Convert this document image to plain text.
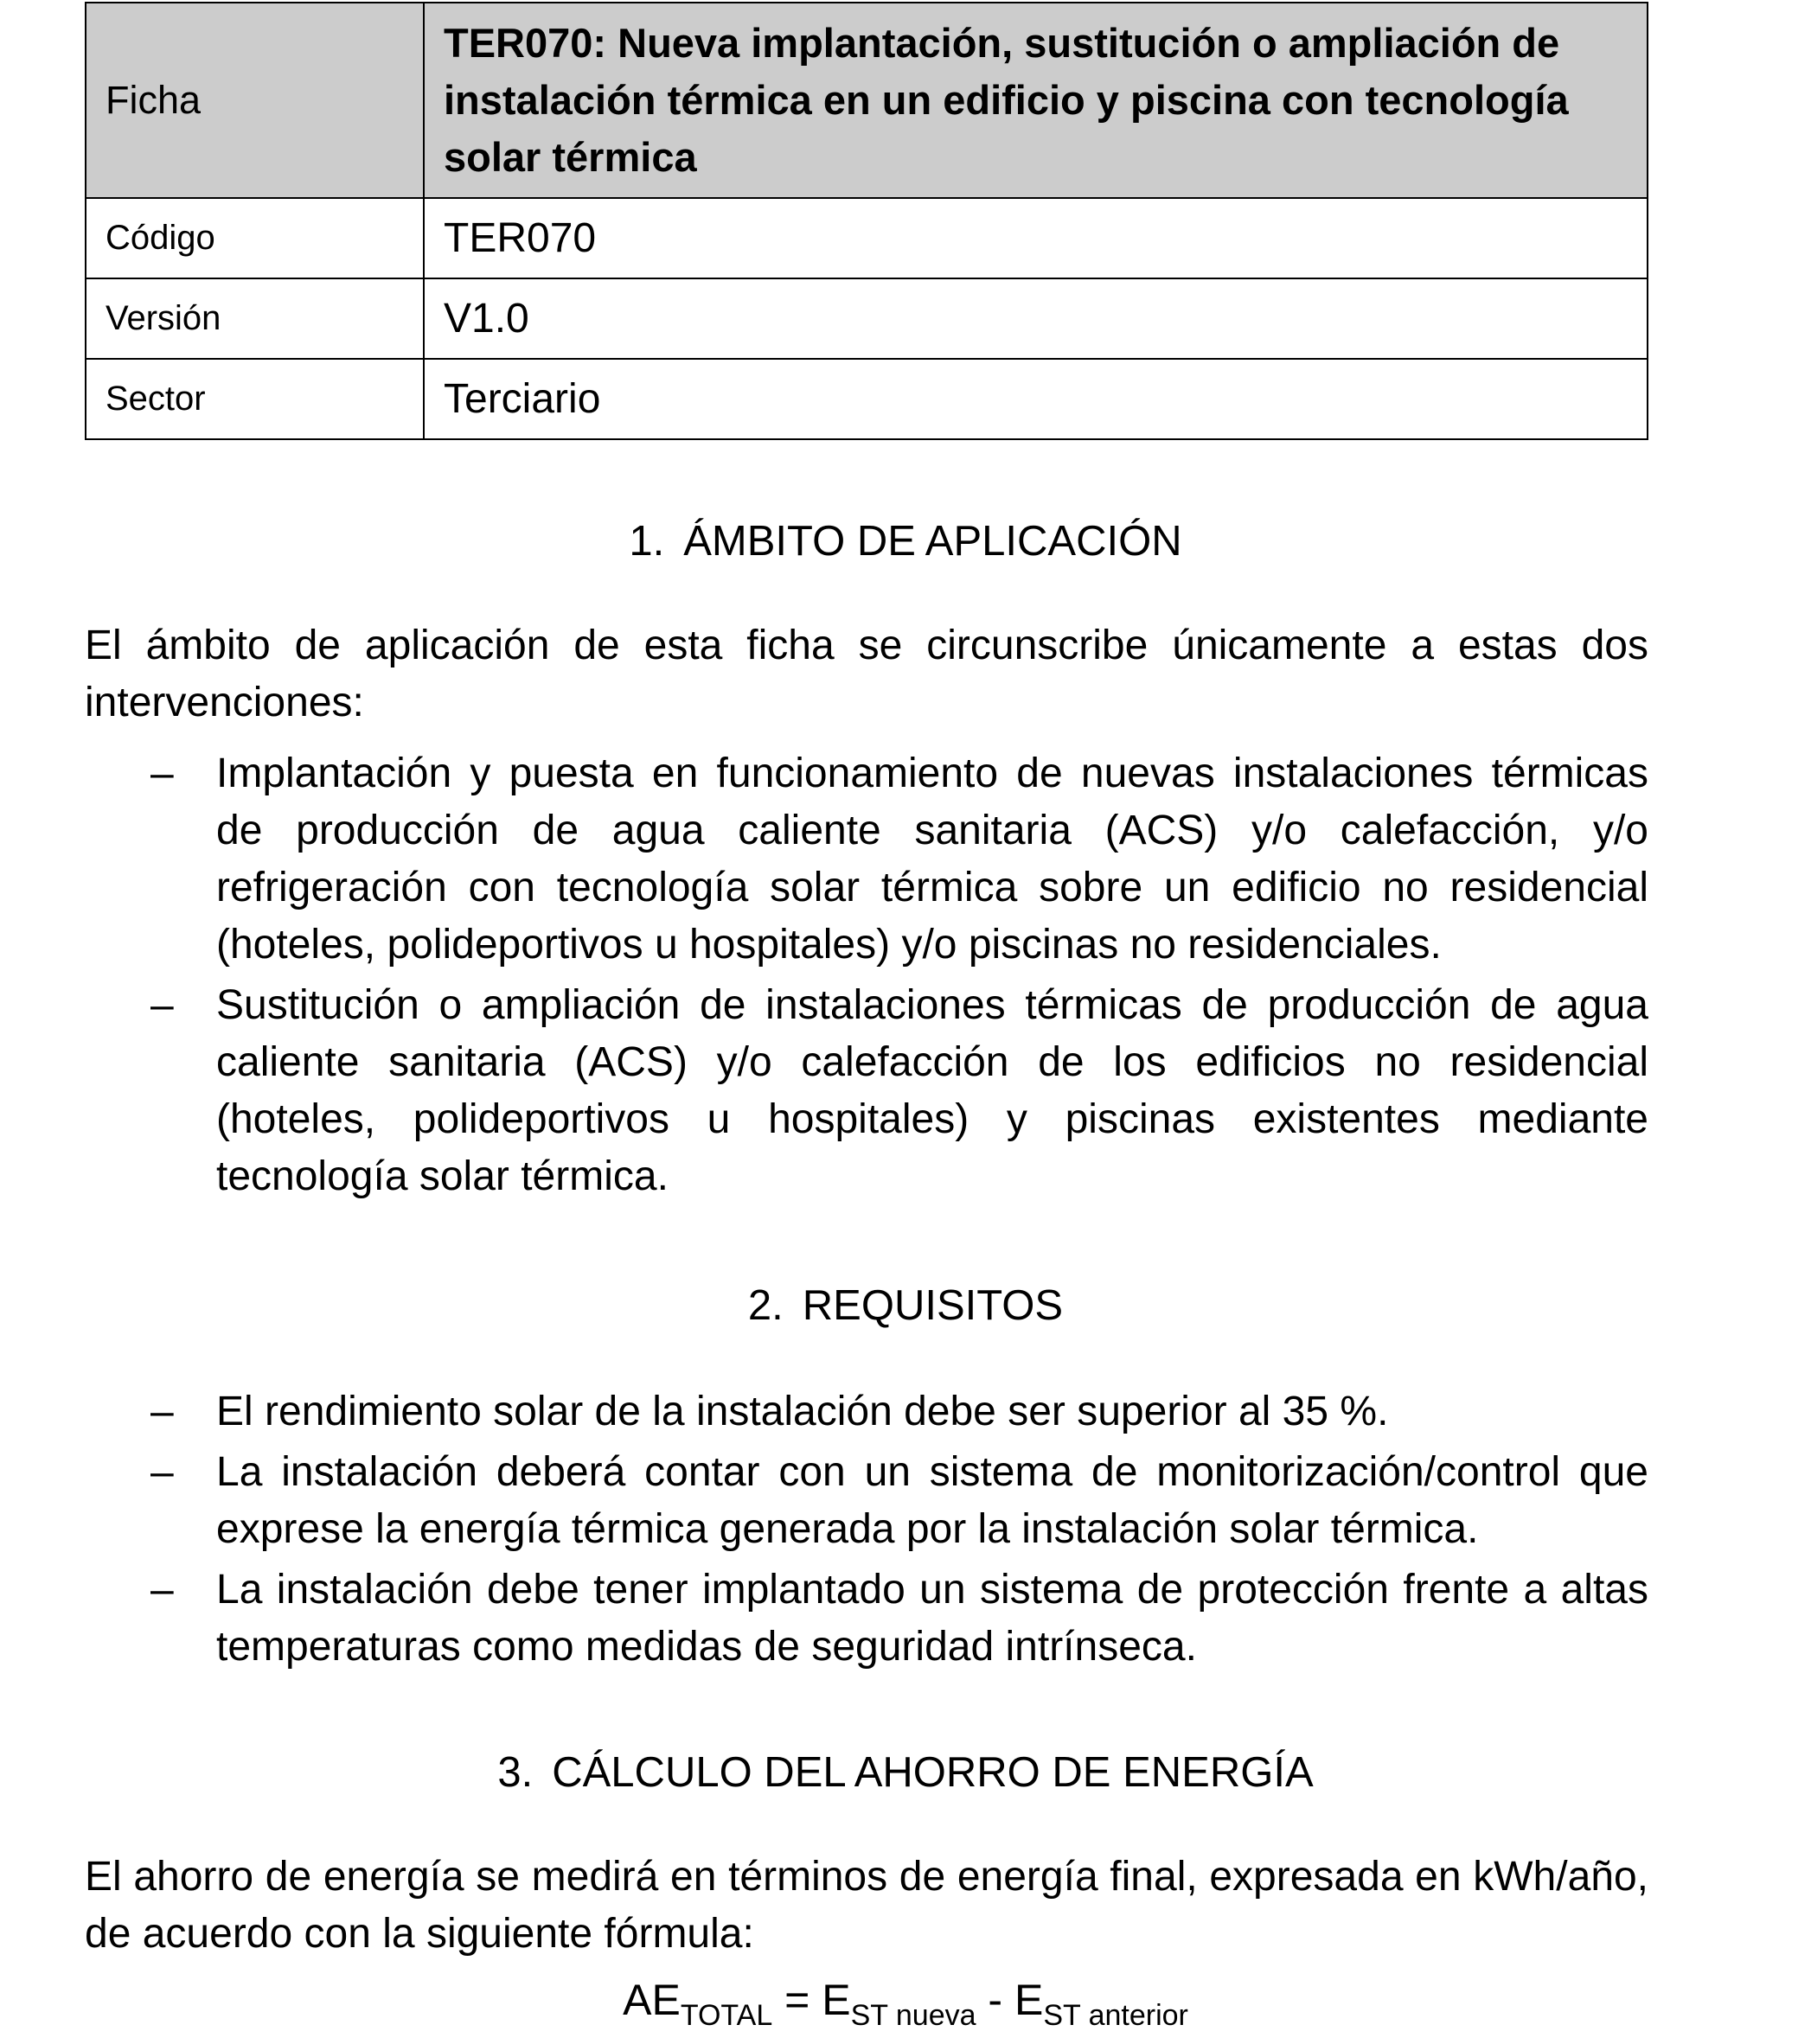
Ficha	TER070: Nueva implantación, sustitución o ampliación de instalación térmica en un edificio y piscina con tecnología solar térmica
Código	TER070
Versión	V1.0
Sector	Terciario
1. ÁMBITO DE APLICACIÓN
El ámbito de aplicación de esta ficha se circunscribe únicamente a estas dos intervenciones:
– Implantación y puesta en funcionamiento de nuevas instalaciones térmicas de producción de agua caliente sanitaria (ACS) y/o calefacción, y/o refrigeración con tecnología solar térmica sobre un edificio no residencial (hoteles, polideportivos u hospitales) y/o piscinas no residenciales.
– Sustitución o ampliación de instalaciones térmicas de producción de agua caliente sanitaria (ACS) y/o calefacción de los edificios no residencial (hoteles, polideportivos u hospitales) y piscinas existentes mediante tecnología solar térmica.
2. REQUISITOS
– El rendimiento solar de la instalación debe ser superior al 35 %.
– La instalación deberá contar con un sistema de monitorización/control que exprese la energía térmica generada por la instalación solar térmica.
– La instalación debe tener implantado un sistema de protección frente a altas temperaturas como medidas de seguridad intrínseca.
3. CÁLCULO DEL AHORRO DE ENERGÍA
El ahorro de energía se medirá en términos de energía final, expresada en kWh/año, de acuerdo con la siguiente fórmula:
$AE_{TOTAL} = E_{ST nueva} - E_{ST anterior}$
